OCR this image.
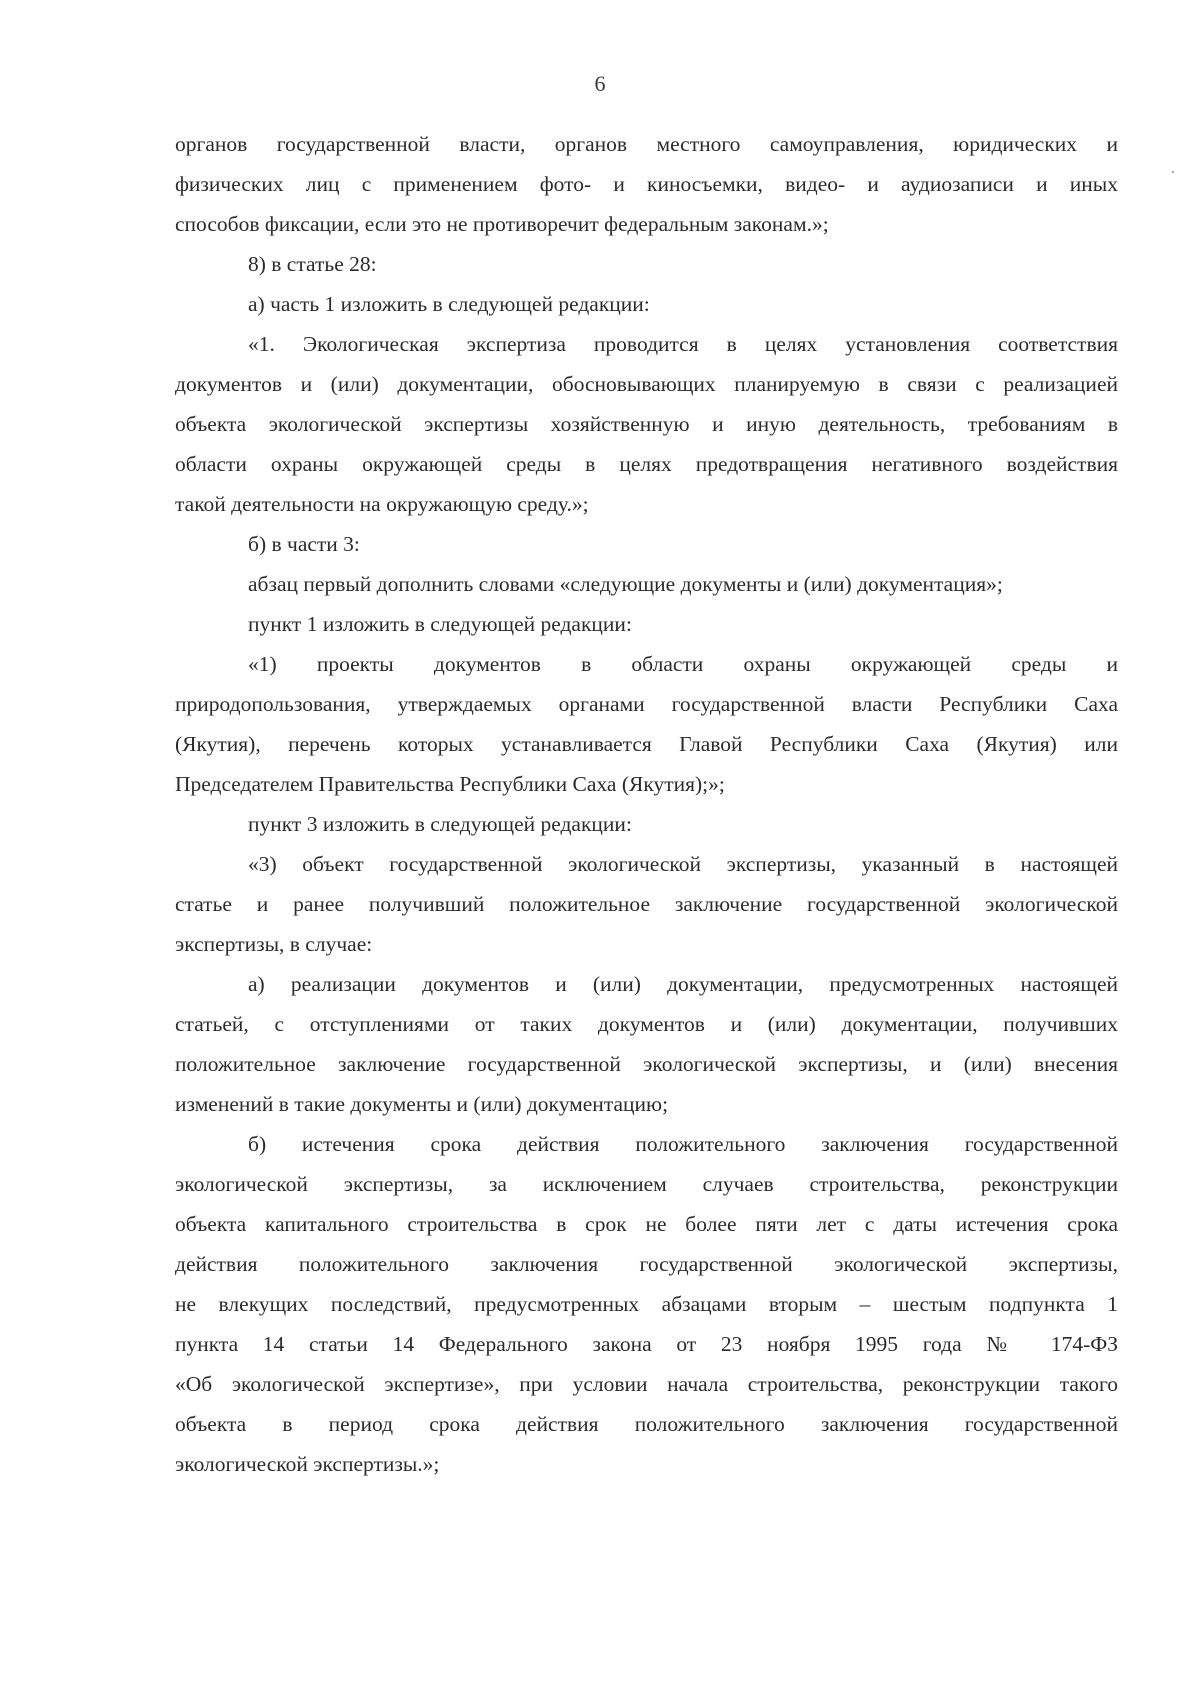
6
органов государственной власти, органов местного самоуправления, юридических и
физических лиц с применением фото- и киносъемки, видео- и аудиозаписи и иных
способов фиксации, если это не противоречит федеральным законам.»;
8) в статье 28:
а) часть 1 изложить в следующей редакции:
«1. Экологическая экспертиза проводится в целях установления соответствия
документов и (или) документации, обосновывающих планируемую в связи с реализацией
объекта экологической экспертизы хозяйственную и иную деятельность, требованиям в
области охраны окружающей среды в целях предотвращения негативного воздействия
такой деятельности на окружающую среду.»;
б) в части 3:
абзац первый дополнить словами «следующие документы и (или) документация»;
пункт 1 изложить в следующей редакции:
«1) проекты документов в области охраны окружающей среды и
природопользования, утверждаемых органами государственной власти Республики Саха
(Якутия), перечень которых устанавливается Главой Республики Саха (Якутия) или
Председателем Правительства Республики Саха (Якутия);»;
пункт 3 изложить в следующей редакции:
«3) объект государственной экологической экспертизы, указанный в настоящей
статье и ранее получивший положительное заключение государственной экологической
экспертизы, в случае:
а) реализации документов и (или) документации, предусмотренных настоящей
статьей, с отступлениями от таких документов и (или) документации, получивших
положительное заключение государственной экологической экспертизы, и (или) внесения
изменений в такие документы и (или) документацию;
б) истечения срока действия положительного заключения государственной
экологической экспертизы, за исключением случаев строительства, реконструкции
объекта капитального строительства в срок не более пяти лет с даты истечения срока
действия положительного заключения государственной экологической экспертизы,
не влекущих последствий, предусмотренных абзацами вторым – шестым подпункта 1
пункта 14 статьи 14 Федерального закона от 23 ноября 1995 года № 174-ФЗ
«Об экологической экспертизе», при условии начала строительства, реконструкции такого
объекта в период срока действия положительного заключения государственной
экологической экспертизы.»;
